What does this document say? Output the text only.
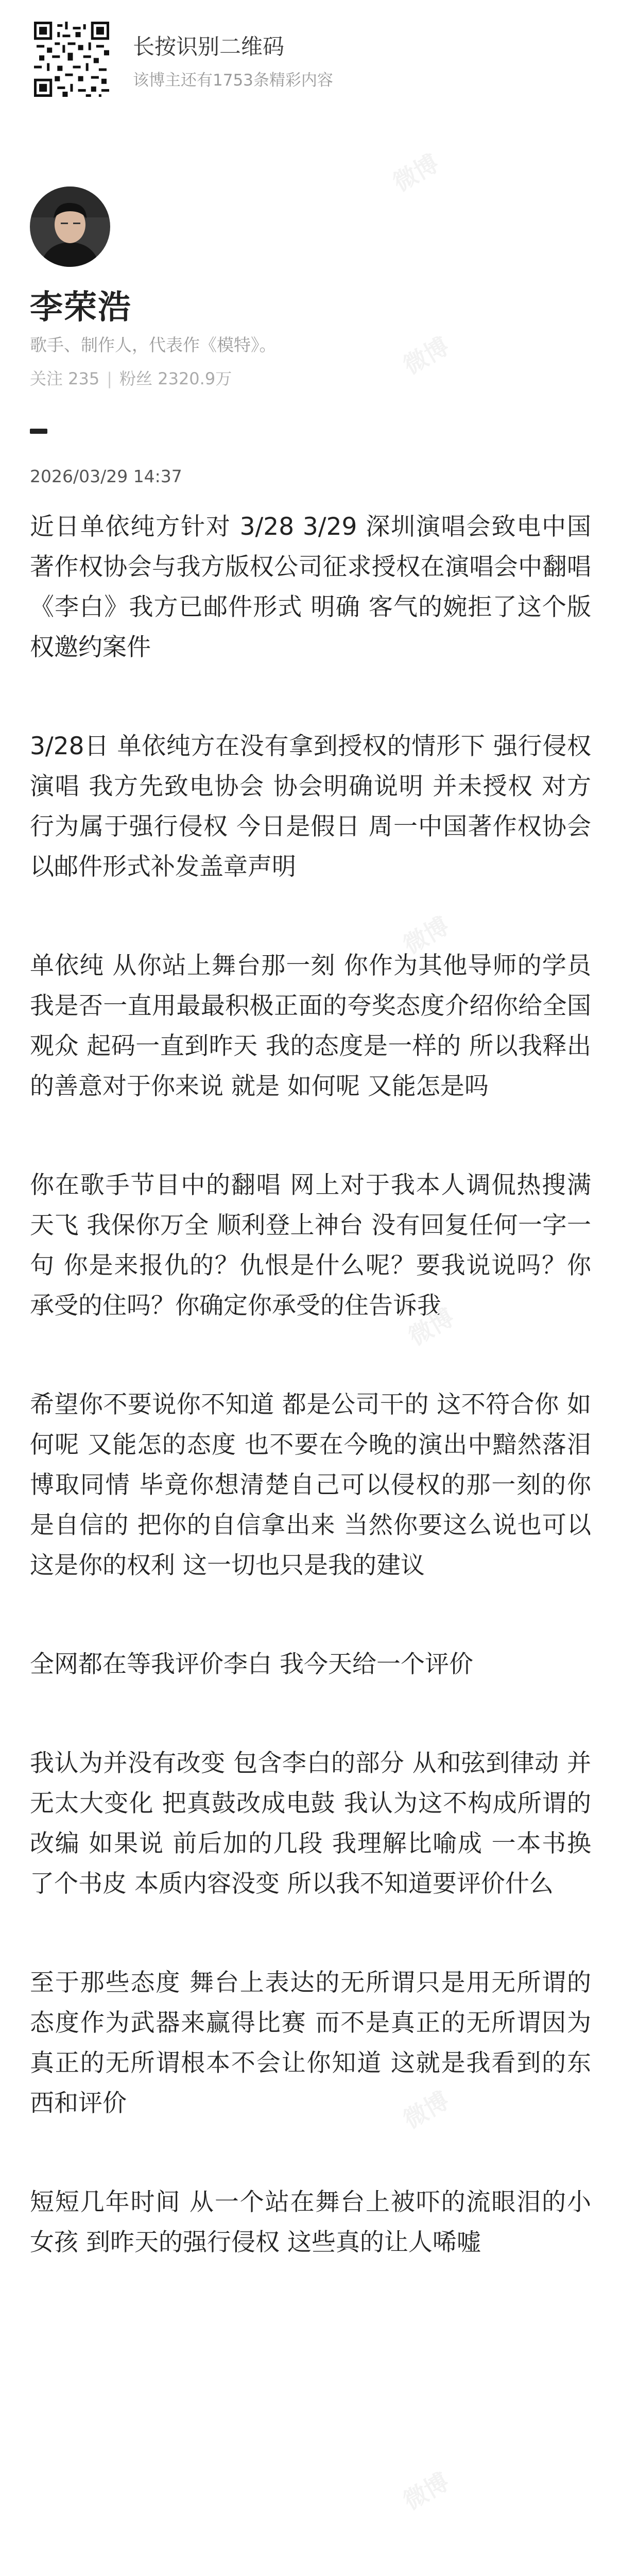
长按识别二维码
该博主还有1753条精彩内容
李荣浩
歌手、制作人，代表作《模特》。
关注 235 | 粉丝 2320.9万
2026/03/29 14:37

近日单依纯方针对 3/28 3/29 深圳演唱会致电中国著作权协会与我方版权公司征求授权在演唱会中翻唱《李白》我方已邮件形式 明确 客气的婉拒了这个版权邀约案件

3/28日 单依纯方在没有拿到授权的情形下 强行侵权演唱 我方先致电协会 协会明确说明 并未授权 对方行为属于强行侵权 今日是假日 周一中国著作权协会以邮件形式补发盖章声明

单依纯 从你站上舞台那一刻 你作为其他导师的学员 我是否一直用最最积极正面的夸奖态度介绍你给全国观众 起码一直到昨天 我的态度是一样的 所以我释出的善意对于你来说 就是 如何呢 又能怎是吗

你在歌手节目中的翻唱 网上对于我本人调侃热搜满天飞 我保你万全 顺利登上神台 没有回复任何一字一句 你是来报仇的？仇恨是什么呢？要我说说吗？你承受的住吗？你确定你承受的住告诉我

希望你不要说你不知道 都是公司干的 这不符合你 如何呢 又能怎的态度 也不要在今晚的演出中黯然落泪 博取同情 毕竟你想清楚自己可以侵权的那一刻的你是自信的 把你的自信拿出来 当然你要这么说也可以 这是你的权利 这一切也只是我的建议

全网都在等我评价李白 我今天给一个评价

我认为并没有改变 包含李白的部分 从和弦到律动 并无太大变化 把真鼓改成电鼓 我认为这不构成所谓的改编 如果说 前后加的几段 我理解比喻成 一本书换了个书皮 本质内容没变 所以我不知道要评价什么

至于那些态度 舞台上表达的无所谓只是用无所谓的态度作为武器来赢得比赛 而不是真正的无所谓因为真正的无所谓根本不会让你知道 这就是我看到的东西和评价

短短几年时间 从一个站在舞台上被吓的流眼泪的小女孩 到昨天的强行侵权 这些真的让人唏嘘

微博
微博
微博
微博
微博
微博
